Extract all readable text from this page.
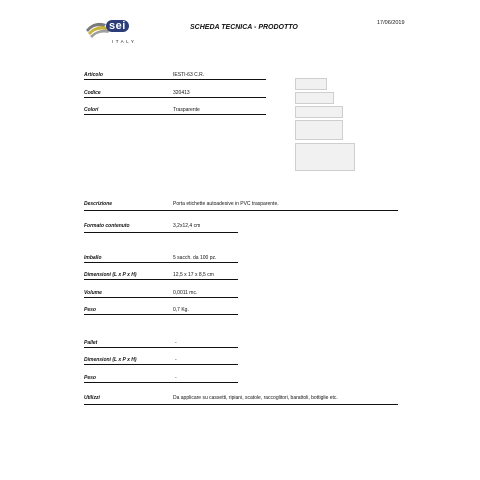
sei
ITALY
SCHEDA TECNICA - PRODOTTO
17/06/2019
Articolo	IESTI-63 C.R.
Codice	320413
Colori	Trasparente
Descrizione	Porta etichette autoadesive in PVC trasparente.
Formato contenuto	3,2x12,4 cm
Imballo	5 sacch. da 100 pz.
Dimensioni (L x P x H)	12,5 x 17 x 8,5 cm
Volume	0,0011 mc.
Peso	0,7 Kg.
Pallet	-
Dimensioni (L x P x H)	-
Peso	-
Utilizzi	Da applicare su cassetti, ripiani, scatole, raccoglitori, barattoli, bottiglie etc.
